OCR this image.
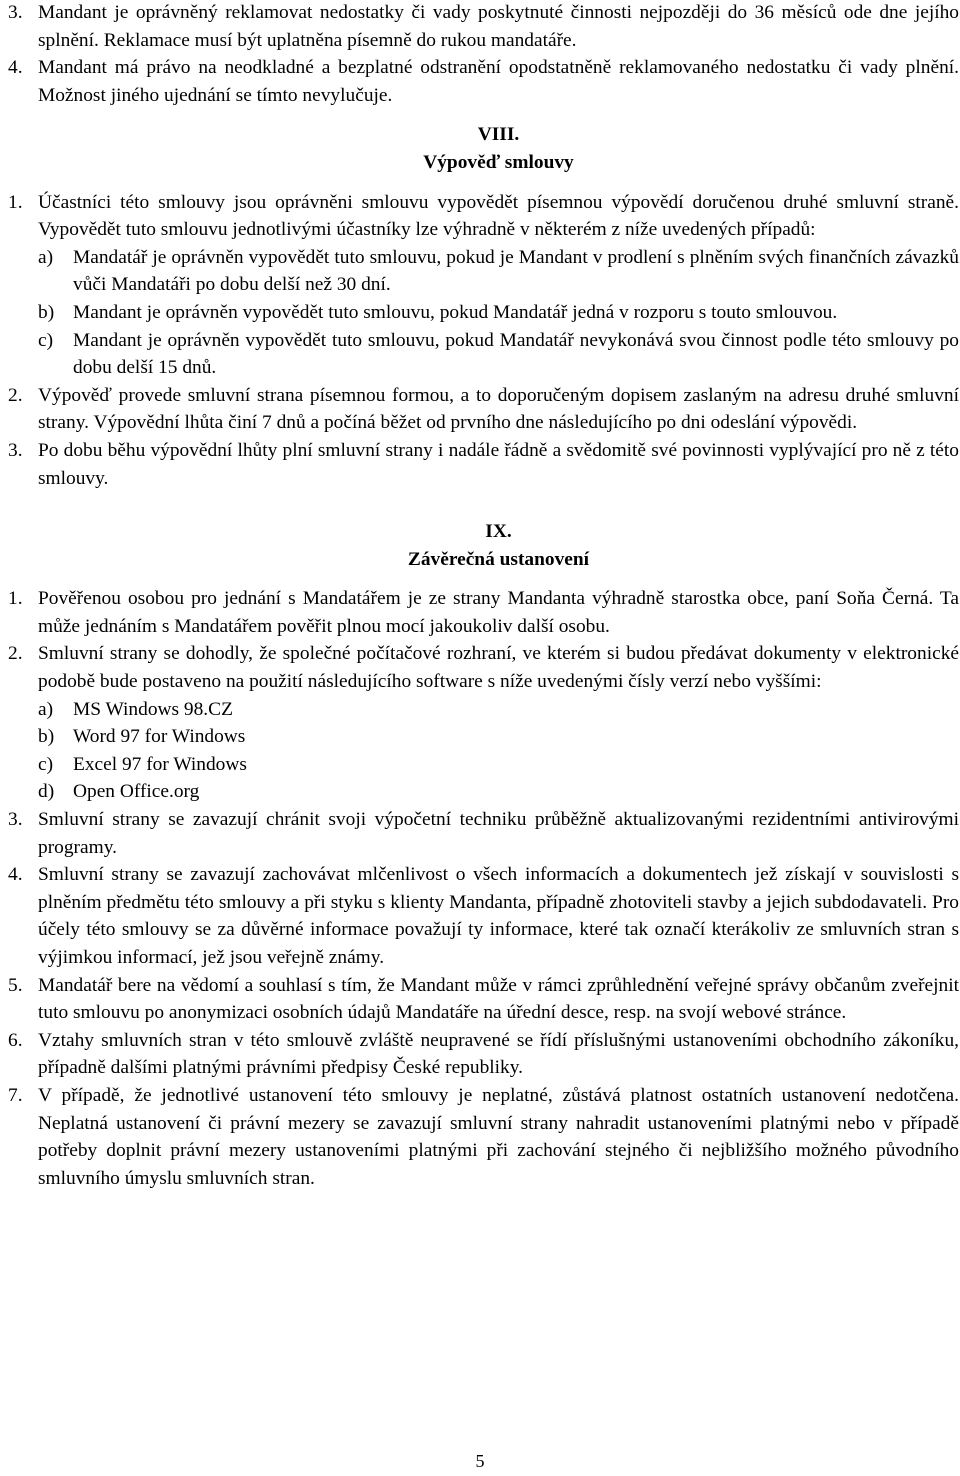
3. Mandant je oprávněný reklamovat nedostatky či vady poskytnuté činnosti nejpozději do 36 měsíců ode dne jejího splnění. Reklamace musí být uplatněna písemně do rukou mandatáře.
4. Mandant má právo na neodkladné a bezplatné odstranění opodstatněně reklamovaného nedostatku či vady plnění. Možnost jiného ujednání se tímto nevylučuje.
VIII.
Výpověď smlouvy
1. Účastníci této smlouvy jsou oprávněni smlouvu vypovědět písemnou výpovědí doručenou druhé smluvní straně. Vypovědět tuto smlouvu jednotlivými účastníky lze výhradně v některém z níže uvedených případů:
a)	Mandatář je oprávněn vypovědět tuto smlouvu, pokud je Mandant v prodlení s plněním svých finančních závazků vůči Mandatáři po dobu delší než 30 dní.
b) Mandant je oprávněn vypovědět tuto smlouvu, pokud Mandatář jedná v rozporu s touto smlouvou.
c)	Mandant je oprávněn vypovědět tuto smlouvu, pokud Mandatář nevykonává svou činnost podle této smlouvy po dobu delší 15 dnů.
2. Výpověď provede smluvní strana písemnou formou, a to doporučeným dopisem zaslaným na adresu druhé smluvní strany. Výpovědní lhůta činí 7 dnů a počíná běžet od prvního dne následujícího po dni odeslání výpovědi.
3. Po dobu běhu výpovědní lhůty plní smluvní strany i nadále řádně a svědomitě své povinnosti vyplývající pro ně z této smlouvy.
IX.
Závěrečná ustanovení
1. Pověřenou osobou pro jednání s Mandatářem je ze strany Mandanta výhradně starostka obce, paní Soňa Černá. Ta může jednáním s Mandatářem pověřit plnou mocí jakoukoliv další osobu.
2. Smluvní strany se dohodly, že společné počítačové rozhraní, ve kterém si budou předávat dokumenty v elektronické podobě bude postaveno na použití následujícího software s níže uvedenými čísly verzí nebo vyššími:
a)	MS Windows 98.CZ
b) Word 97 for Windows
c)	Excel 97 for Windows
d) Open Office.org
3. Smluvní strany se zavazují chránit svoji výpočetní techniku průběžně aktualizovanými rezidentními antivirovými programy.
4. Smluvní strany se zavazují zachovávat mlčenlivost o všech informacích a dokumentech jež získají v souvislosti s plněním předmětu této smlouvy a při styku s klienty Mandanta, případně zhotoviteli stavby a jejich subdodavateli. Pro účely této smlouvy se za důvěrné informace považují ty informace, které tak označí kterákoliv ze smluvních stran s výjimkou informací, jež jsou veřejně známy.
5. Mandatář bere na vědomí a souhlasí s tím, že Mandant může v rámci zprůhlednění veřejné správy občanům zveřejnit tuto smlouvu po anonymizaci osobních údajů Mandatáře na úřední desce, resp. na svojí webové stránce.
6. Vztahy smluvních stran v této smlouvě zvláště neupravené se řídí příslušnými ustanoveními obchodního zákoníku, případně dalšími platnými právními předpisy České republiky.
7. V případě, že jednotlivé ustanovení této smlouvy je neplatné, zůstává platnost ostatních ustanovení nedotčena. Neplatná ustanovení či právní mezery se zavazují smluvní strany nahradit ustanoveními platnými nebo v případě potřeby doplnit právní mezery ustanoveními platnými při zachování stejného či nejbližšího možného původního smluvního úmyslu smluvních stran.
5
